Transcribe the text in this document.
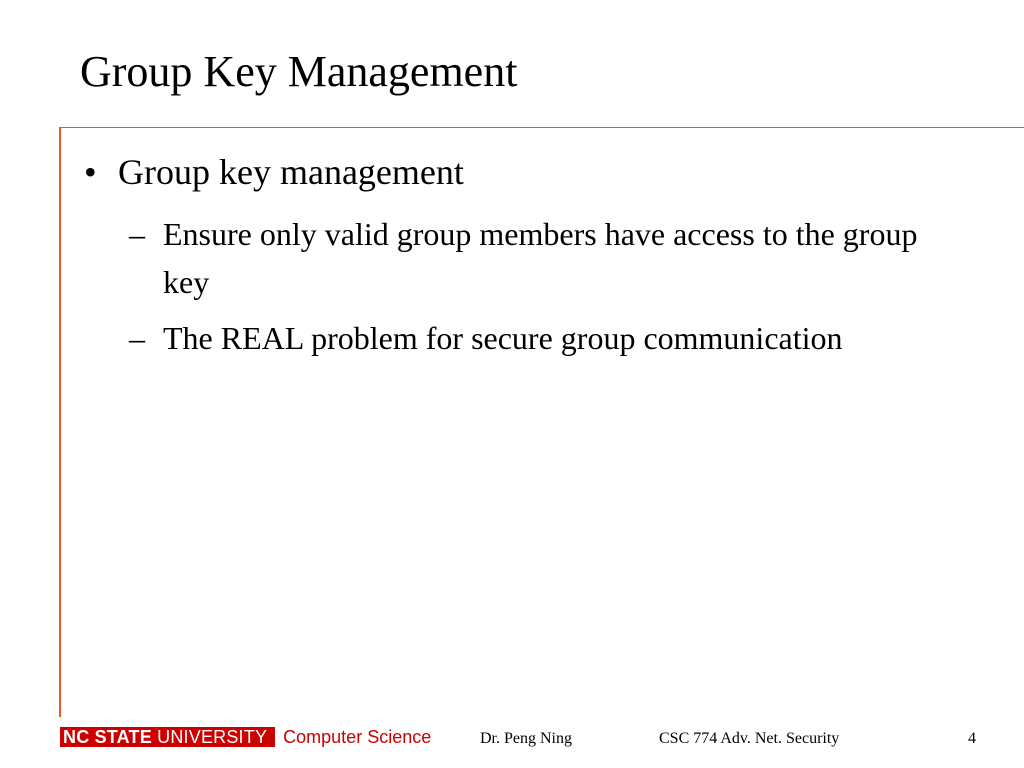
Group Key Management
• Group key management
– Ensure only valid group members have access to the group key
– The REAL problem for secure group communication
NC STATE UNIVERSITY Computer Science	Dr. Peng Ning	CSC 774 Adv. Net. Security	4
